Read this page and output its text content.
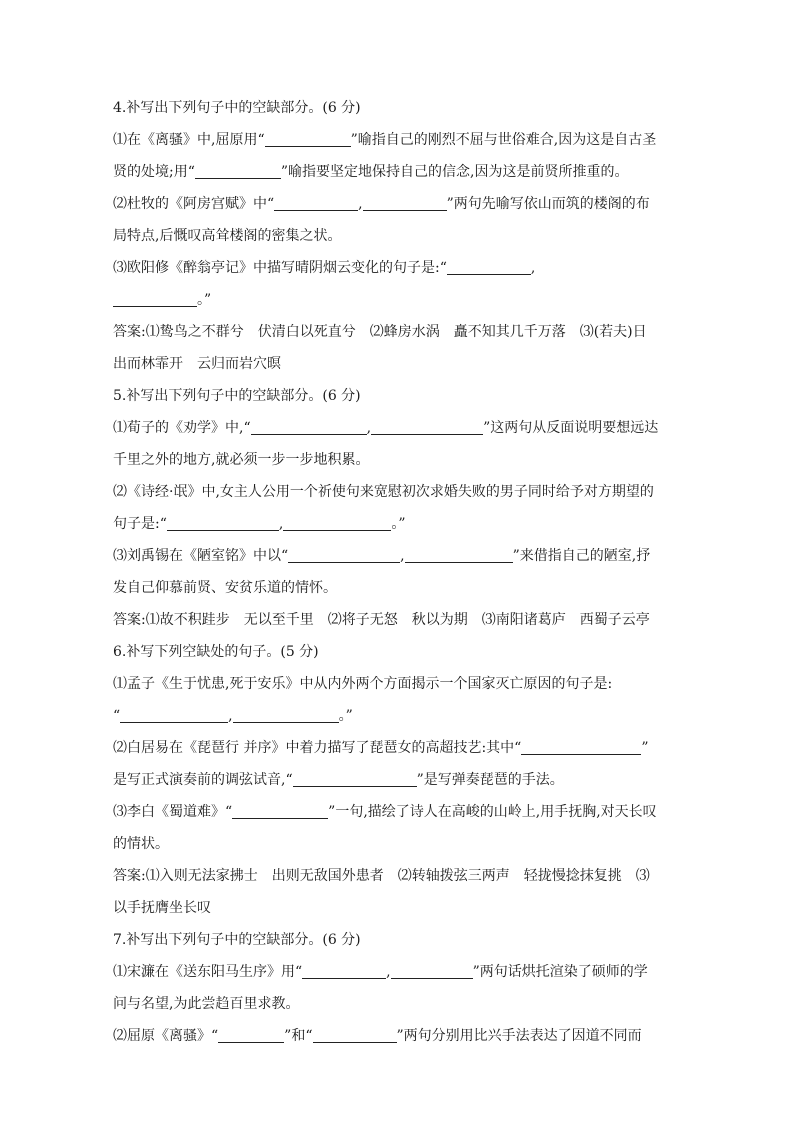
4.补写出下列句子中的空缺部分。(6 分)
⑴在《离骚》中,屈原用“	”喻指自己的刚烈不屈与世俗难合,因为这是自古圣
贤的处境;用“	”喻指要坚定地保持自己的信念,因为这是前贤所推重的。
⑵杜牧的《阿房宫赋》中“	,	”两句先喻写依山而筑的楼阁的布
局特点,后慨叹高耸楼阁的密集之状。
⑶欧阳修《醉翁亭记》中描写晴阴烟云变化的句子是:“	,
。”
答案:⑴鸷鸟之不群兮　伏清白以死直兮　⑵蜂房水涡　矗不知其几千万落　⑶(若夫)日
出而林霏开　云归而岩穴暝
5.补写出下列句子中的空缺部分。(6 分)
⑴荀子的《劝学》中,“	,	”这两句从反面说明要想远达
千里之外的地方,就必须一步一步地积累。
⑵《诗经·氓》中,女主人公用一个祈使句来宽慰初次求婚失败的男子同时给予对方期望的
句子是:“	,	。”
⑶刘禹锡在《陋室铭》中以“	,	”来借指自己的陋室,抒
发自己仰慕前贤、安贫乐道的情怀。
答案:⑴故不积跬步　无以至千里　⑵将子无怒　秋以为期　⑶南阳诸葛庐　西蜀子云亭
6.补写下列空缺处的句子。(5 分)
⑴孟子《生于忧患,死于安乐》中从内外两个方面揭示一个国家灭亡原因的句子是:
“	,	。”
⑵白居易在《琵琶行 并序》中着力描写了琵琶女的高超技艺:其中“	”
是写正式演奏前的调弦试音,“	”是写弹奏琵琶的手法。
⑶李白《蜀道难》“	”一句,描绘了诗人在高峻的山岭上,用手抚胸,对天长叹
的情状。
答案:⑴入则无法家拂士　出则无敌国外患者　⑵转轴拨弦三两声　轻拢慢捻抹复挑　⑶
以手抚膺坐长叹
7.补写出下列句子中的空缺部分。(6 分)
⑴宋濂在《送东阳马生序》用“	,	”两句话烘托渲染了硕师的学
问与名望,为此尝趋百里求教。
⑵屈原《离骚》“	”和“	”两句分别用比兴手法表达了因道不同而
